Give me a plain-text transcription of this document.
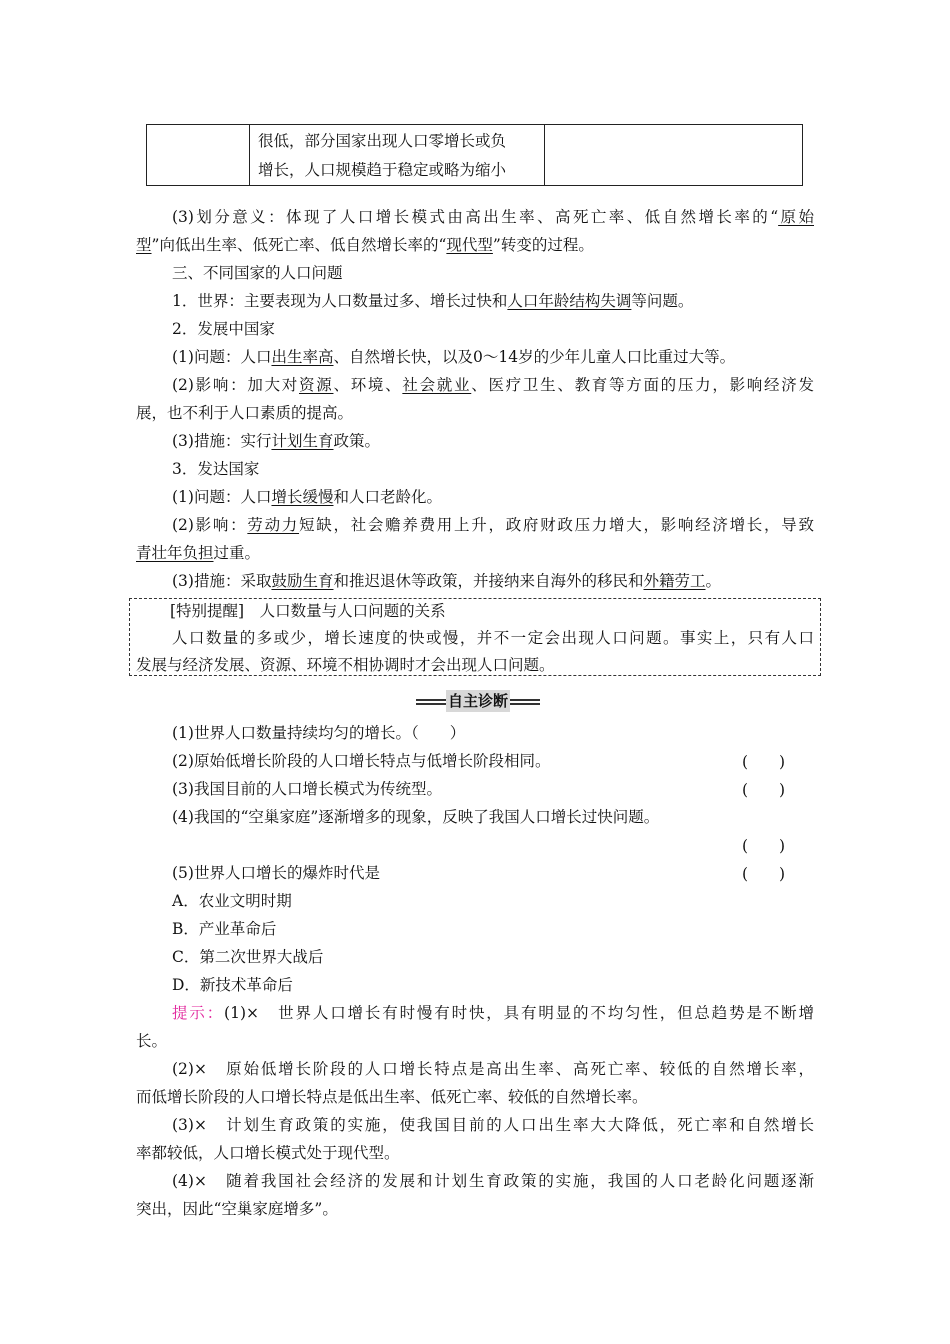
很低，部分国家出现人口零增长或负
增长，人口规模趋于稳定或略为缩小

(3)划分意义：体现了人口增长模式由高出生率、高死亡率、低自然增长率的“原始
型”向低出生率、低死亡率、低自然增长率的“现代型”转变的过程。
三、不同国家的人口问题
1．世界：主要表现为人口数量过多、增长过快和人口年龄结构失调等问题。
2．发展中国家
(1)问题：人口出生率高、自然增长快，以及0～14岁的少年儿童人口比重过大等。
(2)影响：加大对资源、环境、社会就业、医疗卫生、教育等方面的压力，影响经济发
展，也不利于人口素质的提高。
(3)措施：实行计划生育政策。
3．发达国家
(1)问题：人口增长缓慢和人口老龄化。
(2)影响：劳动力短缺，社会赡养费用上升，政府财政压力增大，影响经济增长，导致
青壮年负担过重。
(3)措施：采取鼓励生育和推迟退休等政策，并接纳来自海外的移民和外籍劳工。
[特别提醒]　人口数量与人口问题的关系
人口数量的多或少，增长速度的快或慢，并不一定会出现人口问题。事实上，只有人口
发展与经济发展、资源、环境不相协调时才会出现人口问题。
自主诊断
(1)世界人口数量持续均匀的增长。（　　）
(2)原始低增长阶段的人口增长特点与低增长阶段相同。	(　　)
(3)我国目前的人口增长模式为传统型。	(　　)
(4)我国的“空巢家庭”逐渐增多的现象，反映了我国人口增长过快问题。
(　　)
(5)世界人口增长的爆炸时代是	(　　)
A．农业文明时期
B．产业革命后
C．第二次世界大战后
D．新技术革命后
提示：(1)×　世界人口增长有时慢有时快，具有明显的不均匀性，但总趋势是不断增
长。
(2)×　原始低增长阶段的人口增长特点是高出生率、高死亡率、较低的自然增长率，
而低增长阶段的人口增长特点是低出生率、低死亡率、较低的自然增长率。
(3)×　计划生育政策的实施，使我国目前的人口出生率大大降低，死亡率和自然增长
率都较低，人口增长模式处于现代型。
(4)×　随着我国社会经济的发展和计划生育政策的实施，我国的人口老龄化问题逐渐
突出，因此“空巢家庭增多”。
